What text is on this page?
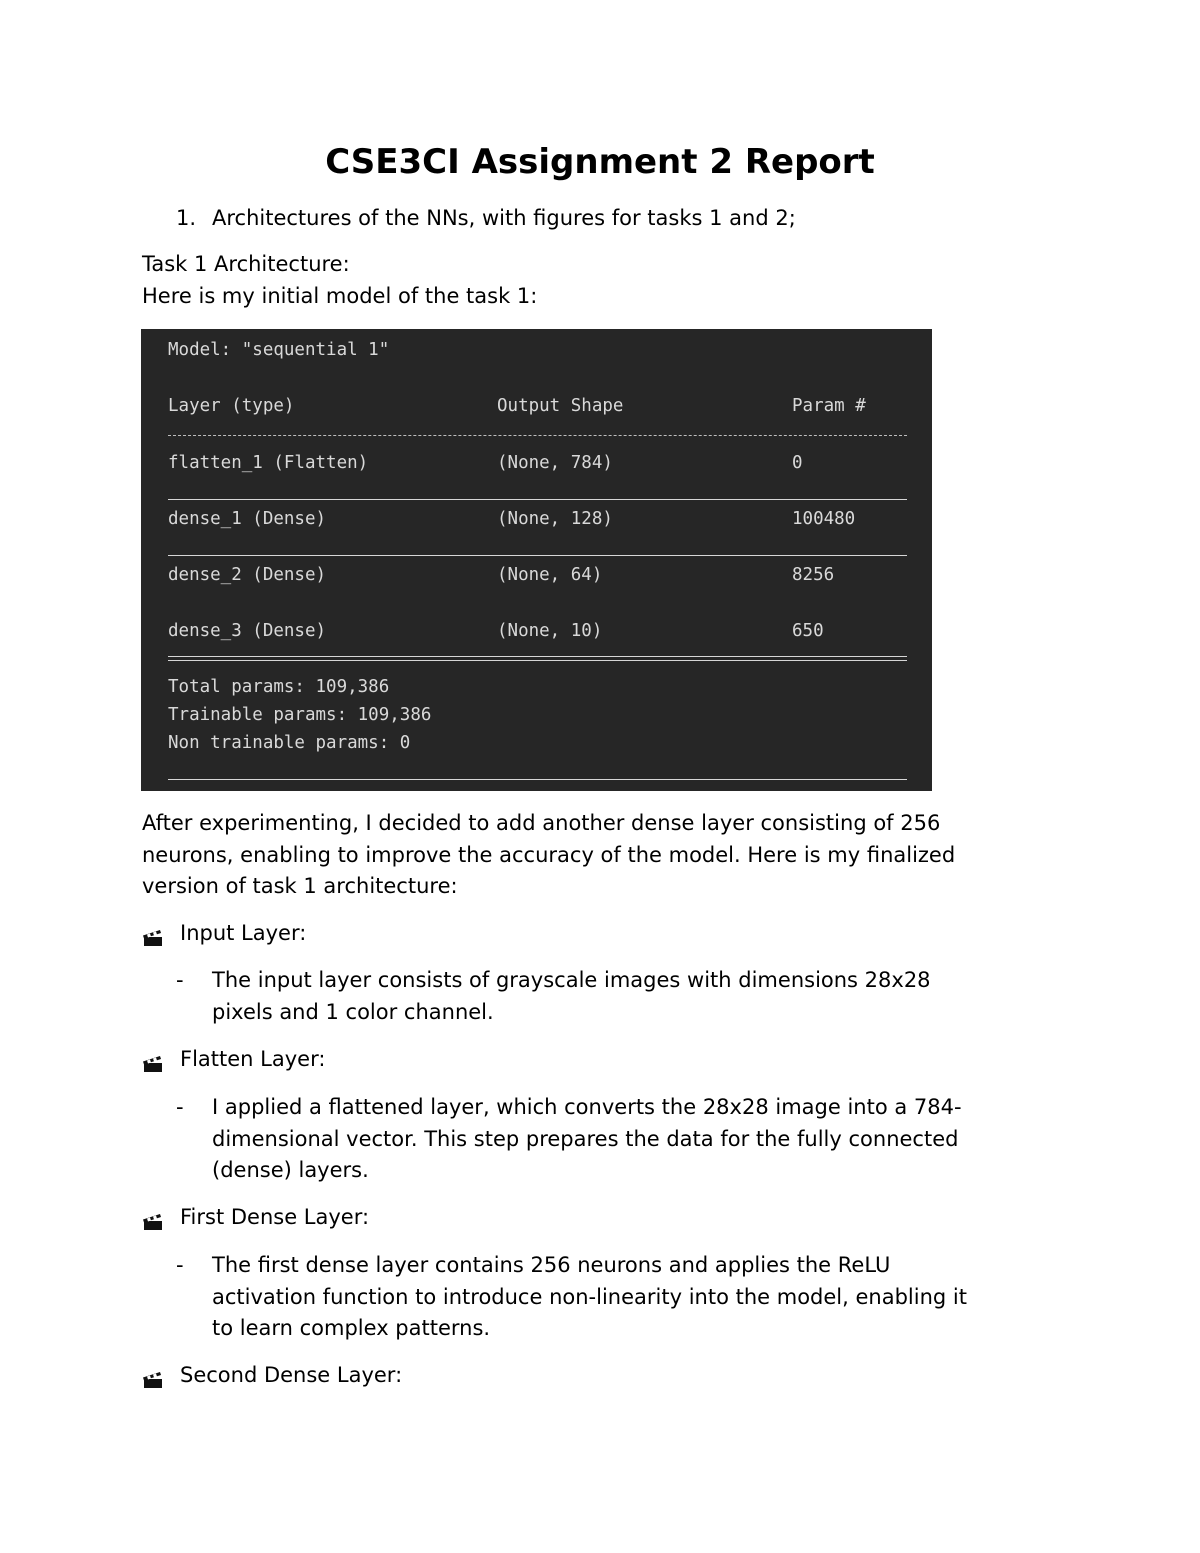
CSE3CI Assignment 2 Report
1. Architectures of the NNs, with figures for tasks 1 and 2;

Task 1 Architecture:

Here is my initial model of the task 1:

Model: "sequential 1"
Layer (type)	Output Shape	Param #
flatten_1 (Flatten)	(None, 784)	0
dense_1 (Dense)	(None, 128)	100480
dense_2 (Dense)	(None, 64)	8256
dense_3 (Dense)	(None, 10)	650
Total params: 109,386
Trainable params: 109,386
Non trainable params: 0

After experimenting, I decided to add another dense layer consisting of 256

neurons, enabling to improve the accuracy of the model. Here is my finalized

version of task 1 architecture:

Input Layer:
-	The input layer consists of grayscale images with dimensions 28x28
pixels and 1 color channel.
Flatten Layer:
-	I applied a flattened layer, which converts the 28x28 image into a 784-
dimensional vector. This step prepares the data for the fully connected
(dense) layers.
First Dense Layer:
-	The first dense layer contains 256 neurons and applies the ReLU
activation function to introduce non-linearity into the model, enabling it
to learn complex patterns.
Second Dense Layer:
